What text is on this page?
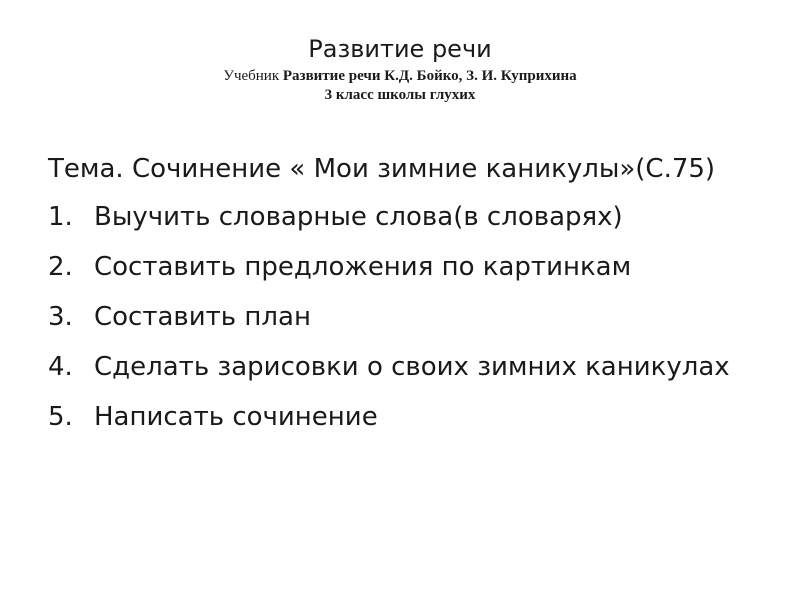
Развитие речи
Учебник Развитие речи К.Д. Бойко, З. И. Куприхина
3 класс школы глухих
Тема. Сочинение « Мои зимние каникулы»(С.75)
1. Выучить словарные слова(в словарях)
2. Составить предложения по картинкам
3. Составить план
4. Сделать зарисовки о своих зимних каникулах
5. Написать сочинение
